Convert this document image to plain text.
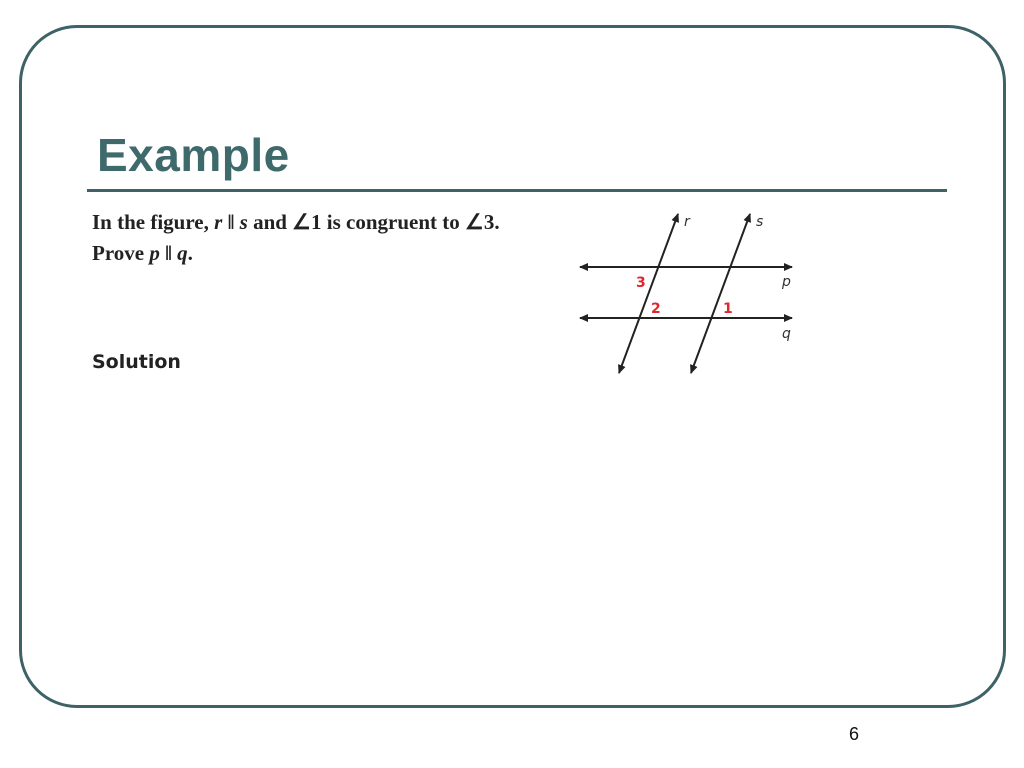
Example
In the figure, r ‖ s and ∠1 is congruent to ∠3.
Prove p ‖ q.
Solution
r	s
p
q
3
2	1
6
